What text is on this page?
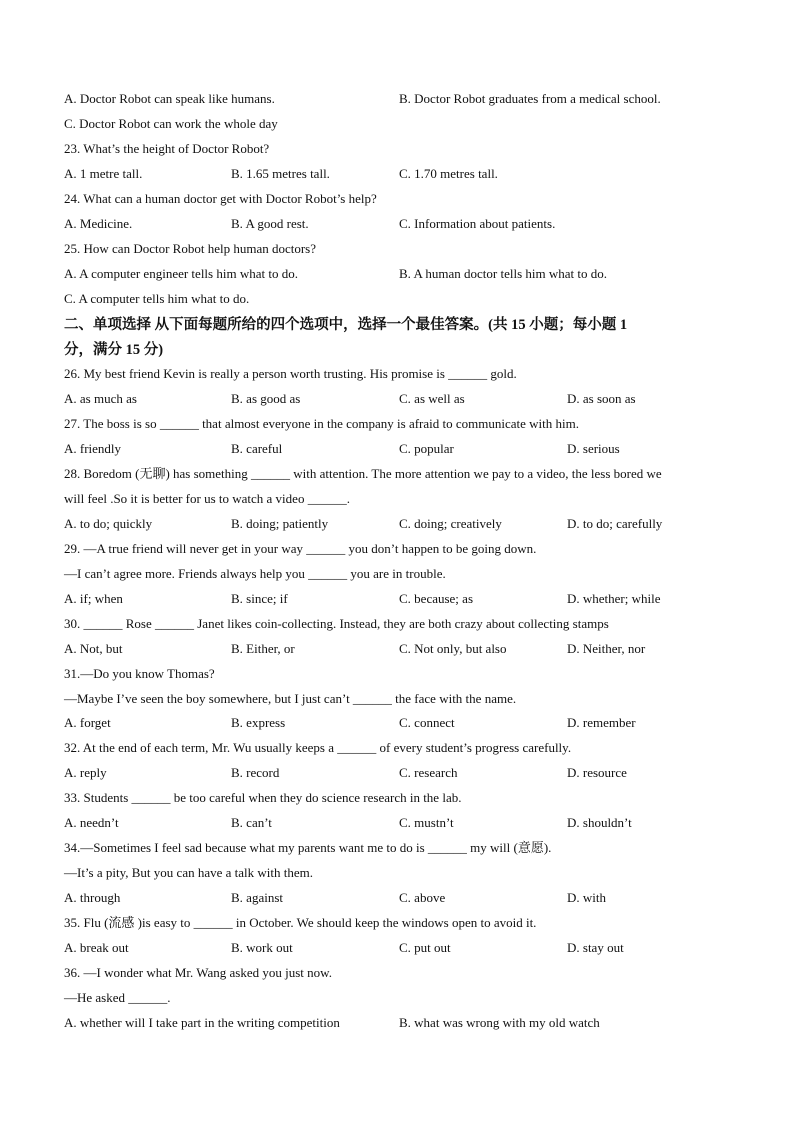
A. Doctor Robot can speak like humans.	B. Doctor Robot graduates from a medical school.
C. Doctor Robot can work the whole day
23. What’s the height of Doctor Robot?
A. 1 metre tall.	B. 1.65 metres tall.	C. 1.70 metres tall.
24. What can a human doctor get with Doctor Robot’s help?
A. Medicine.	B. A good rest.	C. Information about patients.
25. How can Doctor Robot help human doctors?
A. A computer engineer tells him what to do.	B. A human doctor tells him what to do.
C. A computer tells him what to do.
二、单项选择 从下面每题所给的四个选项中，选择一个最佳答案。(共 15 小题；每小题 1
分，满分 15 分)
26. My best friend Kevin is really a person worth trusting. His promise is ______ gold.
A. as much as	B. as good as	C. as well as	D. as soon as
27. The boss is so ______ that almost everyone in the company is afraid to communicate with him.
A. friendly	B. careful	C. popular	D. serious
28. Boredom (无聊) has something ______ with attention. The more attention we pay to a video, the less bored we
will feel .So it is better for us to watch a video ______.
A. to do; quickly	B. doing; patiently	C. doing; creatively	D. to do; carefully
29. —A true friend will never get in your way ______ you don’t happen to be going down.
—I can’t agree more. Friends always help you ______ you are in trouble.
A. if; when	B. since; if	C. because; as	D. whether; while
30. ______ Rose ______ Janet likes coin-collecting. Instead, they are both crazy about collecting stamps
A. Not, but	B. Either, or	C. Not only, but also	D. Neither, nor
31.—Do you know Thomas?
—Maybe I’ve seen the boy somewhere, but I just can’t ______ the face with the name.
A. forget	B. express	C. connect	D. remember
32. At the end of each term, Mr. Wu usually keeps a ______ of every student’s progress carefully.
A. reply	B. record	C. research	D. resource
33. Students ______ be too careful when they do science research in the lab.
A. needn’t	B. can’t	C. mustn’t	D. shouldn’t
34.—Sometimes I feel sad because what my parents want me to do is ______ my will (意愿).
—It’s a pity, But you can have a talk with them.
A. through	B. against	C. above	D. with
35. Flu (流感 )is easy to ______ in October. We should keep the windows open to avoid it.
A. break out	B. work out	C. put out	D. stay out
36. —I wonder what Mr. Wang asked you just now.
—He asked ______.
A. whether will I take part in the writing competition	B. what was wrong with my old watch
